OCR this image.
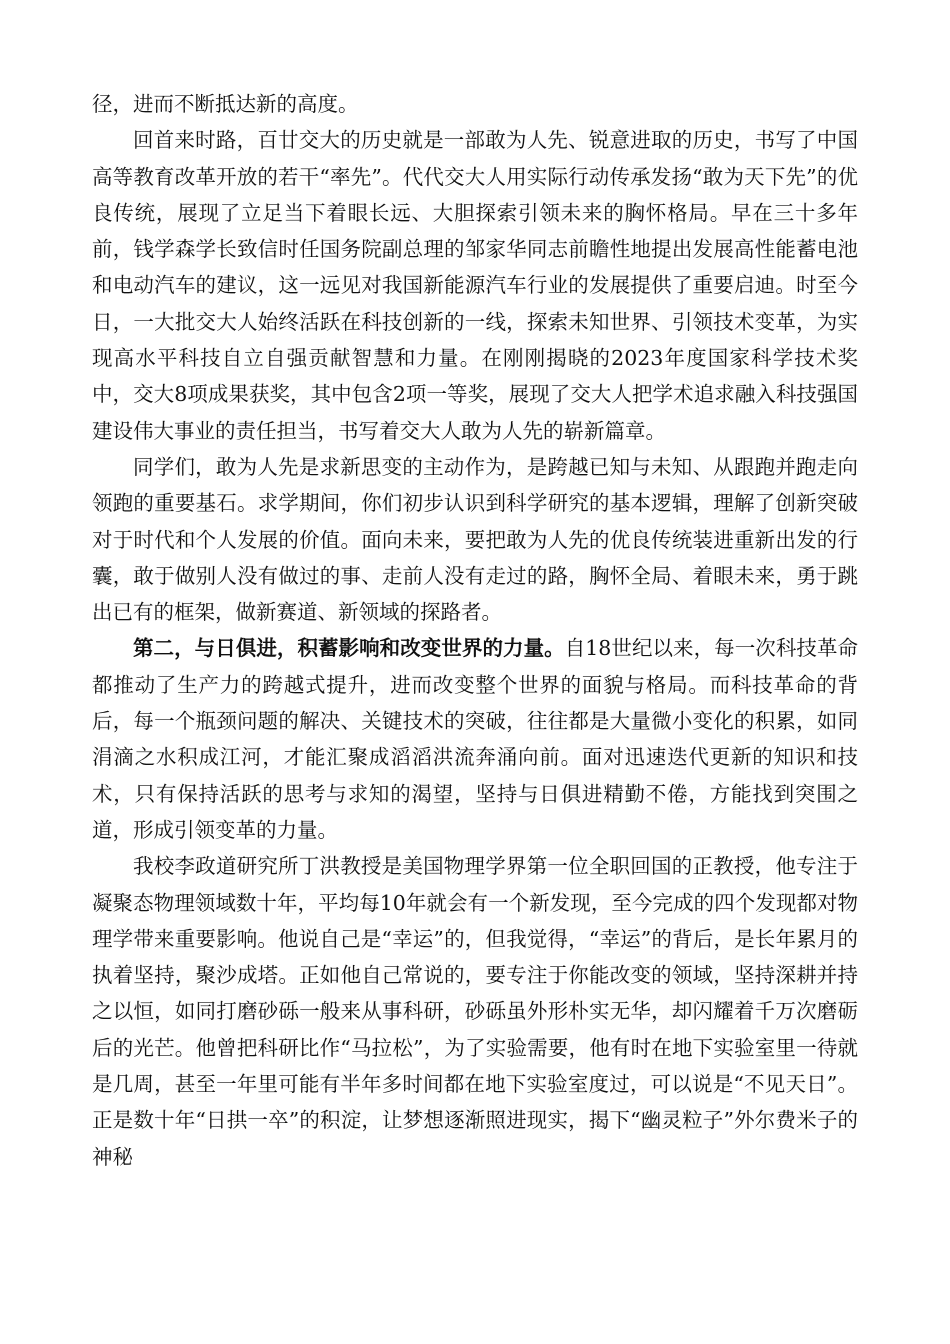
径，进而不断抵达新的高度。

回首来时路，百廿交大的历史就是一部敢为人先、锐意进取的历史，书写了中国高等教育改革开放的若干“率先”。代代交大人用实际行动传承发扬“敢为天下先”的优良传统，展现了立足当下着眼长远、大胆探索引领未来的胸怀格局。早在三十多年前，钱学森学长致信时任国务院副总理的邹家华同志前瞻性地提出发展高性能蓄电池和电动汽车的建议，这一远见对我国新能源汽车行业的发展提供了重要启迪。时至今日，一大批交大人始终活跃在科技创新的一线，探索未知世界、引领技术变革，为实现高水平科技自立自强贡献智慧和力量。在刚刚揭晓的2023年度国家科学技术奖中，交大8项成果获奖，其中包含2项一等奖，展现了交大人把学术追求融入科技强国建设伟大事业的责任担当，书写着交大人敢为人先的崭新篇章。

同学们，敢为人先是求新思变的主动作为，是跨越已知与未知、从跟跑并跑走向领跑的重要基石。求学期间，你们初步认识到科学研究的基本逻辑，理解了创新突破对于时代和个人发展的价值。面向未来，要把敢为人先的优良传统装进重新出发的行囊，敢于做别人没有做过的事、走前人没有走过的路，胸怀全局、着眼未来，勇于跳出已有的框架，做新赛道、新领域的探路者。

第二，与日俱进，积蓄影响和改变世界的力量。自18世纪以来，每一次科技革命都推动了生产力的跨越式提升，进而改变整个世界的面貌与格局。而科技革命的背后，每一个瓶颈问题的解决、关键技术的突破，往往都是大量微小变化的积累，如同涓滴之水积成江河，才能汇聚成滔滔洪流奔涌向前。面对迅速迭代更新的知识和技术，只有保持活跃的思考与求知的渴望，坚持与日俱进精勤不倦，方能找到突围之道，形成引领变革的力量。

我校李政道研究所丁洪教授是美国物理学界第一位全职回国的正教授，他专注于凝聚态物理领域数十年，平均每10年就会有一个新发现，至今完成的四个发现都对物理学带来重要影响。他说自己是“幸运”的，但我觉得，“幸运”的背后，是长年累月的执着坚持，聚沙成塔。正如他自己常说的，要专注于你能改变的领域，坚持深耕并持之以恒，如同打磨砂砾一般来从事科研，砂砾虽外形朴实无华，却闪耀着千万次磨砺后的光芒。他曾把科研比作“马拉松”，为了实验需要，他有时在地下实验室里一待就是几周，甚至一年里可能有半年多时间都在地下实验室度过，可以说是“不见天日”。正是数十年“日拱一卒”的积淀，让梦想逐渐照进现实，揭下“幽灵粒子”外尔费米子的神秘
